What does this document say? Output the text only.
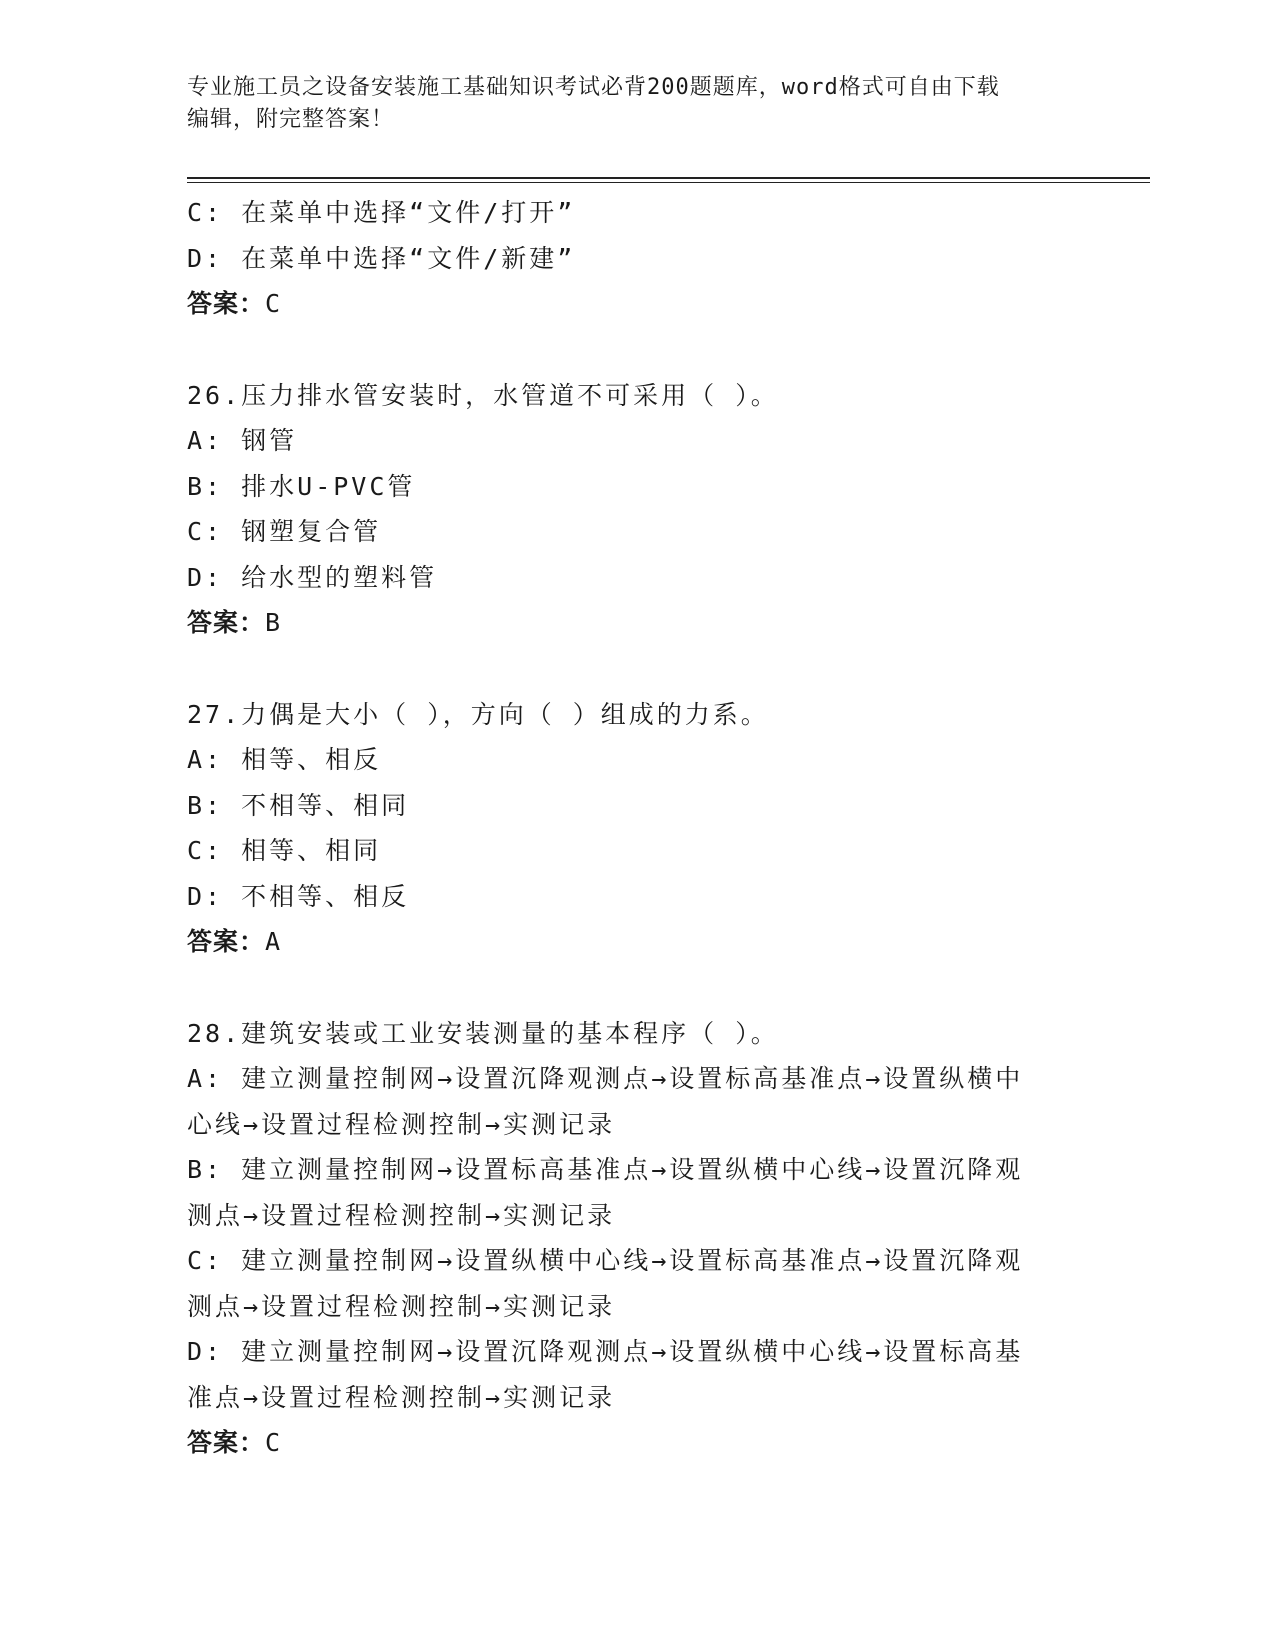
专业施工员之设备安装施工基础知识考试必背200题题库，word格式可自由下载
编辑，附完整答案！
C: 在菜单中选择“文件/打开”
D: 在菜单中选择“文件/新建”
答案：C
26.压力排水管安装时，水管道不可采用（ ）。
A: 钢管
B: 排水U-PVC管
C: 钢塑复合管
D: 给水型的塑料管
答案：B
27.力偶是大小（ ），方向（ ）组成的力系。
A: 相等、相反
B: 不相等、相同
C: 相等、相同
D: 不相等、相反
答案：A
28.建筑安装或工业安装测量的基本程序（ ）。
A: 建立测量控制网→设置沉降观测点→设置标高基准点→设置纵横中
心线→设置过程检测控制→实测记录
B: 建立测量控制网→设置标高基准点→设置纵横中心线→设置沉降观
测点→设置过程检测控制→实测记录
C: 建立测量控制网→设置纵横中心线→设置标高基准点→设置沉降观
测点→设置过程检测控制→实测记录
D: 建立测量控制网→设置沉降观测点→设置纵横中心线→设置标高基
准点→设置过程检测控制→实测记录
答案：C
